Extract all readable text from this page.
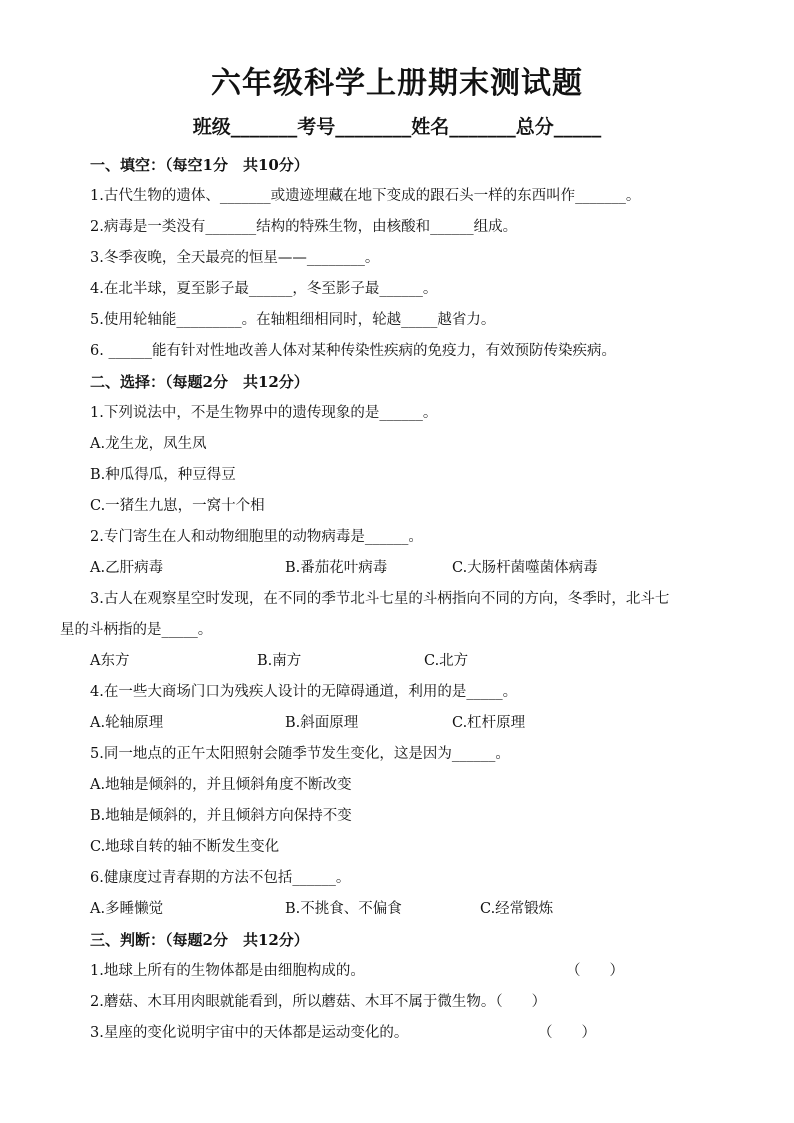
六年级科学上册期末测试题
班级_______考号________姓名_______总分_____
一、填空：（每空1分　共10分）
1.古代生物的遗体、_______或遗迹埋藏在地下变成的跟石头一样的东西叫作_______。
2.病毒是一类没有_______结构的特殊生物，由核酸和______组成。
3.冬季夜晚，全天最亮的恒星——________。
4.在北半球，夏至影子最______，冬至影子最______。
5.使用轮轴能_________。在轴粗细相同时，轮越_____越省力。
6. ______能有针对性地改善人体对某种传染性疾病的免疫力，有效预防传染疾病。
二、选择：（每题2分　共12分）
1.下列说法中，不是生物界中的遗传现象的是______。
A.龙生龙，凤生凤
B.种瓜得瓜，种豆得豆
C.一猪生九崽，一窝十个相
2.专门寄生在人和动物细胞里的动物病毒是______。
A.乙肝病毒	B.番茄花叶病毒	C.大肠杆菌噬菌体病毒
3.古人在观察星空时发现，在不同的季节北斗七星的斗柄指向不同的方向，冬季时，北斗七
星的斗柄指的是_____。
A东方	B.南方	C.北方
4.在一些大商场门口为残疾人设计的无障碍通道，利用的是_____。
A.轮轴原理	B.斜面原理	C.杠杆原理
5.同一地点的正午太阳照射会随季节发生变化，这是因为______。
A.地轴是倾斜的，并且倾斜角度不断改变
B.地轴是倾斜的，并且倾斜方向保持不变
C.地球自转的轴不断发生变化
6.健康度过青春期的方法不包括______。
A.多睡懒觉	B.不挑食、不偏食	C.经常锻炼
三、判断：（每题2分　共12分）
1.地球上所有的生物体都是由细胞构成的。	（　　）
2.蘑菇、木耳用肉眼就能看到，所以蘑菇、木耳不属于微生物。（　　）
3.星座的变化说明宇宙中的天体都是运动变化的。	（　　）
